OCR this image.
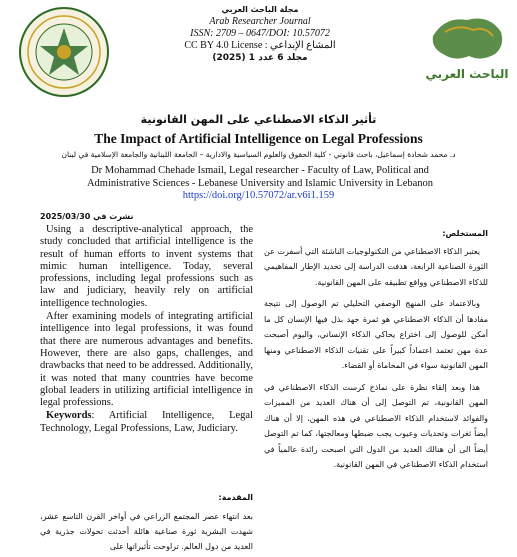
الباحث العربي
مجلة الباحث العربي
Arab Researcher Journal
ISSN: 2709 – 0647/DOI: 10.57072
CC BY 4.0 License : المشاع الإبداعي
مجلد 6 عدد 1 (2025)
تأثير الذكاء الاصطناعي على المهن القانونية
The Impact of Artificial Intelligence on Legal Professions
د. محمد شحادة إسماعيل، باحث قانوني - كلية الحقوق والعلوم السياسية والادارية – الجامعة اللبنانية والجامعة الإسلامية في لبنان
Dr Mohammad Chehade Ismail, Legal researcher - Faculty of Law, Political and Administrative Sciences - Lebanese University and Islamic University in Lebanon
https://doi.org/10.57072/ar.v6i1.159
نشرت في 2025/03/30
المستخلص:

يعتبر الذكاء الاصطناعي من التكنولوجيات الناشئة التي أسفرت عن الثورة الصناعية الرابعة، هدفت الدراسة إلى تحديد الإطار المفاهيمي للذكاء الاصطناعي وواقع تطبيقه على المهن القانونية.

وبالاعتماد على المنهج الوصفي التحليلي تم الوصول إلى نتيجة مفادها أن الذكاء الاصطناعي هو ثمرة جهد بذل فيها الإنسان كل ما أمكن للوصول إلى اختراع يحاكي الذكاء الإنساني، واليوم أصبحت عدة مهن تعتمد اعتماداً كبيراً على تقنيات الذكاء الاصطناعي ومنها المهن القانونية سواء في المحاماة أو القضاء.

هذا وبعد إلقاء نظرة على نماذج كرست الذكاء الاصطناعي في المهن القانونية، تم التوصل إلى أن هناك العديد من المميزات والفوائد لاستخدام الذكاء الاصطناعي في هذه المهن، إلا أن هناك أيضاً ثغرات وتحديات وعيوب يجب ضبطها ومعالجتها، كما تم التوصل أيضاً الى أن هنالك العديد من الدول التي اصبحت رائدة عالمياً في استخدام الذكاء الاصطناعي في المهن القانونية.

Using a descriptive-analytical approach, the study concluded that artificial intelligence is the result of human efforts to invent systems that mimic human intelligence. Today, several professions, including legal professions such as law and judiciary, heavily rely on artificial intelligence technologies.

After examining models of integrating artificial intelligence into legal professions, it was found that there are numerous advantages and benefits. However, there are also gaps, challenges, and drawbacks that need to be addressed. Additionally, it was noted that many countries have become global leaders in utilizing artificial intelligence in legal professions.

Keywords: Artificial Intelligence, Legal Technology, Legal Professions, Law, Judiciary.

المقدمة:
بعد انتهاء عصر المجتمع الزراعي في أواخر القرن التاسع عشر، شهدت البشرية ثورة صناعية هائلة أحدثت تحولات جذرية في العديد من دول العالم. تراوحت تأثيراتها على
